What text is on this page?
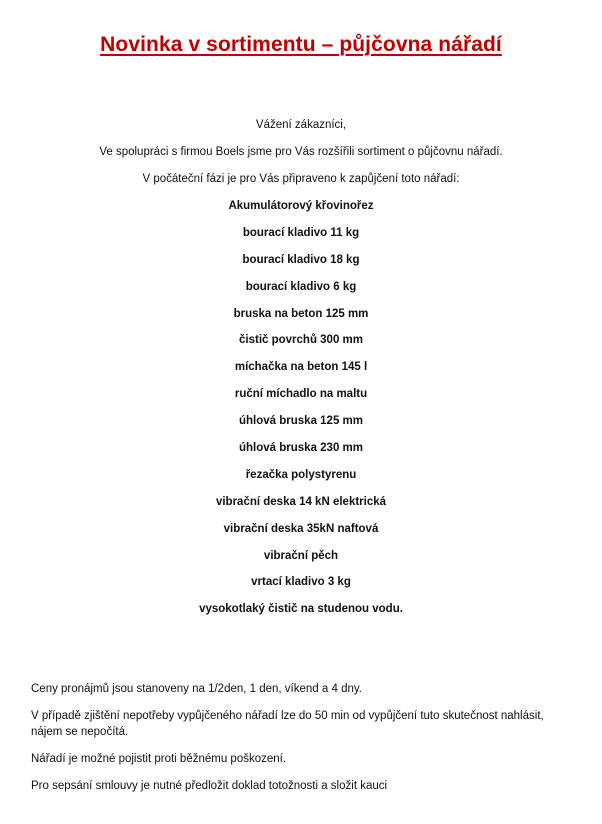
Novinka v sortimentu – půjčovna nářadí
Vážení zákazníci,
Ve spolupráci s firmou Boels jsme pro Vás rozšířili sortiment o půjčovnu nářadí.
V počáteční fázi je pro Vás připraveno k zapůjčení toto nářadí:
Akumulátorový křovinořez
bourací kladivo 11 kg
bourací kladivo 18 kg
bourací kladivo 6 kg
bruska na beton 125 mm
čistič povrchů 300 mm
míchačka na beton 145 l
ruční míchadlo na maltu
úhlová bruska 125 mm
úhlová bruska 230 mm
řezačka polystyrenu
vibrační deska 14 kN elektrická
vibrační deska 35kN naftová
vibrační pěch
vrtací kladivo 3 kg
vysokotlaký čistič na studenou vodu.

Ceny pronájmů jsou stanoveny na 1/2den, 1 den, víkend a 4 dny.

V případě zjištění nepotřeby vypůjčeného nářadí lze do 50 min od vypůjčení tuto skutečnost nahlásit, nájem se nepočítá.

Nářadí je možné pojistit proti běžnému poškození.

Pro sepsání smlouvy je nutné předložit doklad totožnosti a složit kauci
